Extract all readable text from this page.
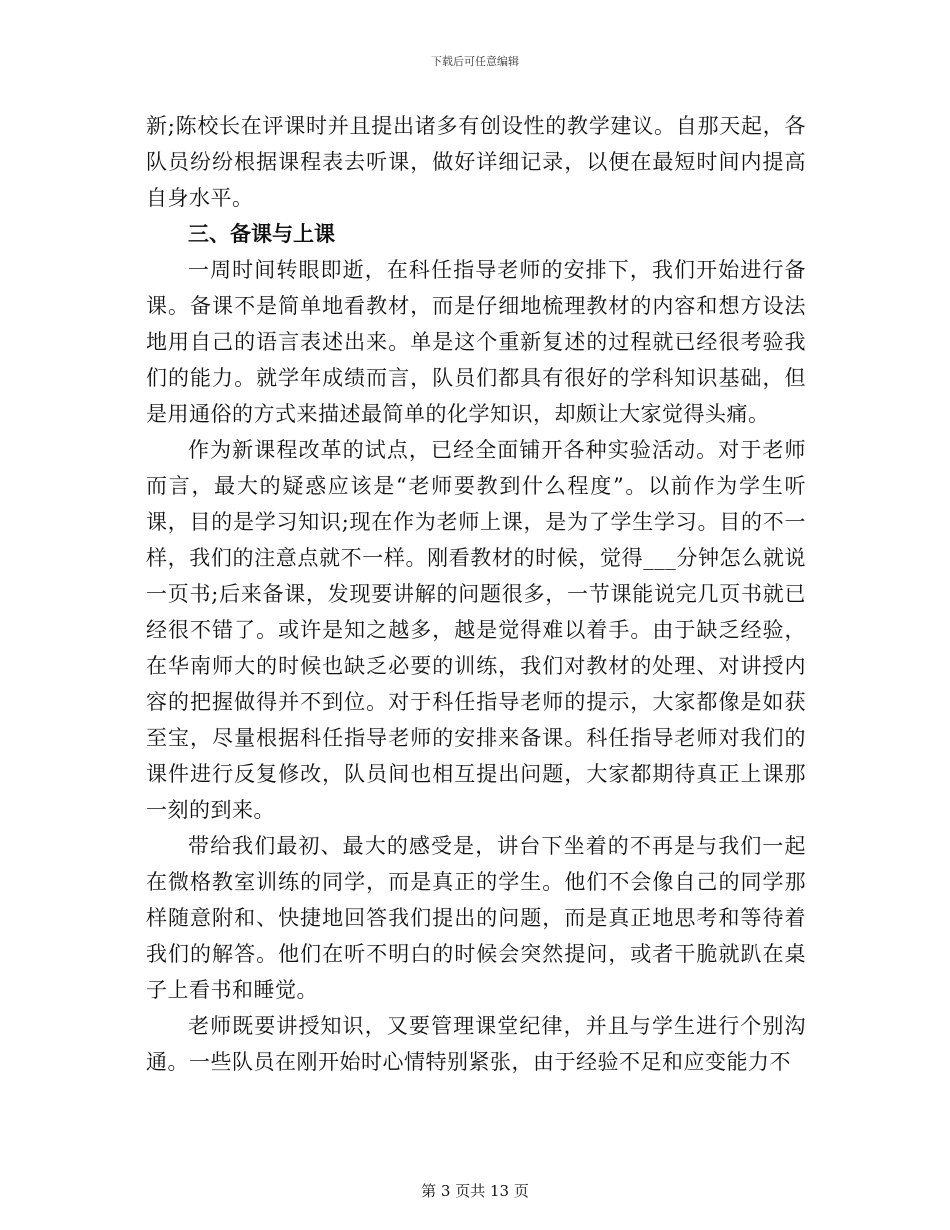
下载后可任意编辑

新;陈校长在评课时并且提出诸多有创设性的教学建议。自那天起，各队员纷纷根据课程表去听课，做好详细记录，以便在最短时间内提高自身水平。

三、备课与上课

一周时间转眼即逝，在科任指导老师的安排下，我们开始进行备课。备课不是简单地看教材，而是仔细地梳理教材的内容和想方设法地用自己的语言表述出来。单是这个重新复述的过程就已经很考验我们的能力。就学年成绩而言，队员们都具有很好的学科知识基础，但是用通俗的方式来描述最简单的化学知识，却颇让大家觉得头痛。

作为新课程改革的试点，已经全面铺开各种实验活动。对于老师而言，最大的疑惑应该是“老师要教到什么程度”。以前作为学生听课，目的是学习知识;现在作为老师上课，是为了学生学习。目的不一样，我们的注意点就不一样。刚看教材的时候，觉得___分钟怎么就说一页书;后来备课，发现要讲解的问题很多，一节课能说完几页书就已经很不错了。或许是知之越多，越是觉得难以着手。由于缺乏经验，在华南师大的时候也缺乏必要的训练，我们对教材的处理、对讲授内容的把握做得并不到位。对于科任指导老师的提示，大家都像是如获至宝，尽量根据科任指导老师的安排来备课。科任指导老师对我们的课件进行反复修改，队员间也相互提出问题，大家都期待真正上课那一刻的到来。

带给我们最初、最大的感受是，讲台下坐着的不再是与我们一起在微格教室训练的同学，而是真正的学生。他们不会像自己的同学那样随意附和、快捷地回答我们提出的问题，而是真正地思考和等待着我们的解答。他们在听不明白的时候会突然提问，或者干脆就趴在桌子上看书和睡觉。

老师既要讲授知识，又要管理课堂纪律，并且与学生进行个别沟通。一些队员在刚开始时心情特别紧张，由于经验不足和应变能力不

第 3 页共 13 页
